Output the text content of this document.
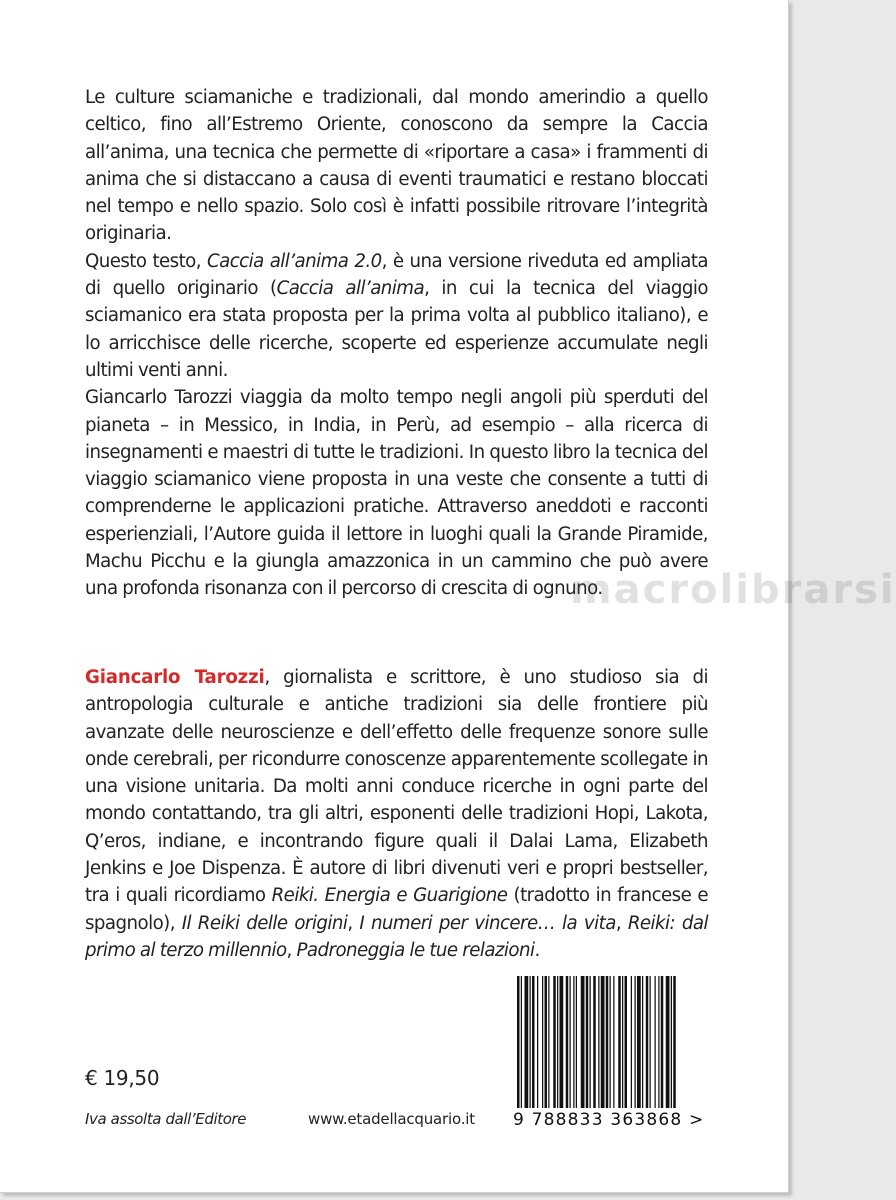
Le culture sciamaniche e tradizionali, dal mondo amerindio a quello celtico, fino all’Estremo Oriente, conoscono da sempre la Caccia all’anima, una tecnica che permette di «riportare a casa» i frammenti di anima che si distaccano a causa di eventi traumatici e restano bloccati nel tempo e nello spazio. Solo così è infatti possibile ritrovare l’integrità originaria.

Questo testo, Caccia all’anima 2.0, è una versione riveduta ed ampliata di quello originario (Caccia all’anima, in cui la tecnica del viaggio sciamanico era stata proposta per la prima volta al pubblico italiano), e lo arricchisce delle ricerche, scoperte ed esperienze accumulate negli ultimi venti anni.

Giancarlo Tarozzi viaggia da molto tempo negli angoli più sperduti del pianeta – in Messico, in India, in Perù, ad esempio – alla ricerca di insegnamenti e maestri di tutte le tradizioni. In questo libro la tecnica del viaggio sciamanico viene proposta in una veste che consente a tutti di comprenderne le applicazioni pratiche. Attraverso aneddoti e racconti esperienziali, l’Autore guida il lettore in luoghi quali la Grande Piramide, Machu Picchu e la giungla amazzonica in un cammino che può avere una profonda risonanza con il percorso di crescita di ognuno.

macrolibrarsi

Giancarlo Tarozzi, giornalista e scrittore, è uno studioso sia di antropologia culturale e antiche tradizioni sia delle frontiere più avanzate delle neuroscienze e dell’effetto delle frequenze sonore sulle onde cerebrali, per ricondurre conoscenze apparentemente scollegate in una visione unitaria. Da molti anni conduce ricerche in ogni parte del mondo contattando, tra gli altri, esponenti delle tradizioni Hopi, Lakota, Q’eros, indiane, e incontrando figure quali il Dalai Lama, Elizabeth Jenkins e Joe Dispenza. È autore di libri divenuti veri e propri bestseller, tra i quali ricordiamo Reiki. Energia e Guarigione (tradotto in francese e spagnolo), Il Reiki delle origini, I numeri per vincere… la vita, Reiki: dal primo al terzo millennio, Padroneggia le tue relazioni.

9 788833 363868 >
€ 19,50
Iva assolta dall’Editore	www.etadellacquario.it
